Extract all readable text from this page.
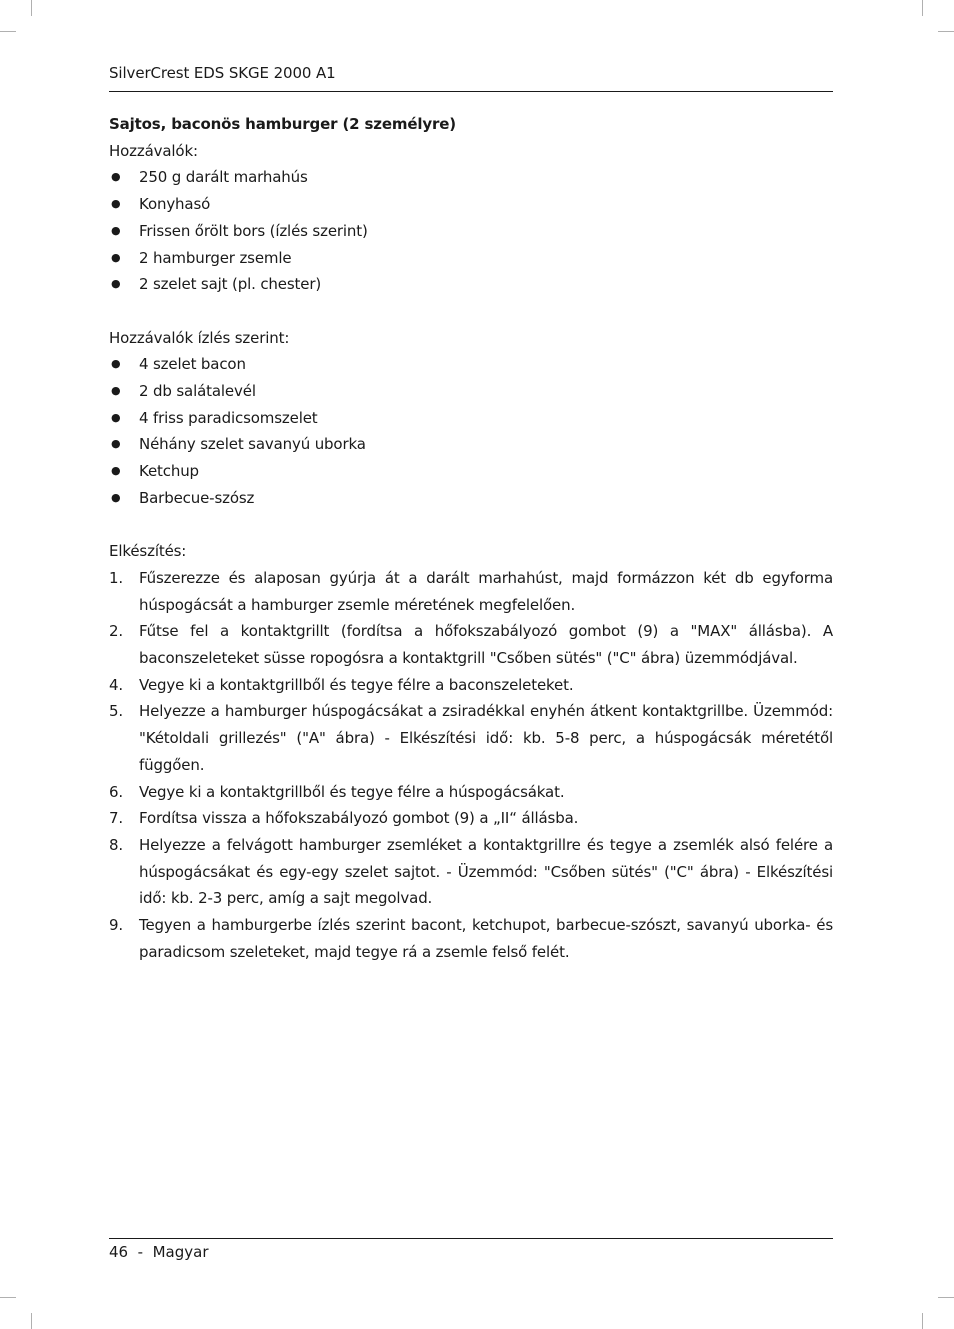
SilverCrest EDS SKGE 2000 A1

Sajtos, baconös hamburger (2 személyre)

Hozzávalók:

● 250 g darált marhahús
● Konyhasó
● Frissen őrölt bors (ízlés szerint)
● 2 hamburger zsemle
● 2 szelet sajt (pl. chester)

Hozzávalók ízlés szerint:

● 4 szelet bacon
● 2 db salátalevél
● 4 friss paradicsomszelet
● Néhány szelet savanyú uborka
● Ketchup
● Barbecue-szósz

Elkészítés:

1. Fűszerezze és alaposan gyúrja át a darált marhahúst, majd formázzon két db egyforma húspogácsát a hamburger zsemle méretének megfelelően.
2. Fűtse fel a kontaktgrillt (fordítsa a hőfokszabályozó gombot (9) a "MAX" állásba). A baconszeleteket süsse ropogósra a kontaktgrill "Csőben sütés" ("C" ábra) üzemmódjával.
4. Vegye ki a kontaktgrillből és tegye félre a baconszeleteket.
5. Helyezze a hamburger húspogácsákat a zsiradékkal enyhén átkent kontaktgrillbe. Üzemmód: "Kétoldali grillezés" ("A" ábra) - Elkészítési idő: kb. 5-8 perc, a húspogácsák méretétől függően.
6. Vegye ki a kontaktgrillből és tegye félre a húspogácsákat.
7. Fordítsa vissza a hőfokszabályozó gombot (9) a „II“ állásba.
8. Helyezze a felvágott hamburger zsemléket a kontaktgrillre és tegye a zsemlék alsó felére a húspogácsákat és egy-egy szelet sajtot. - Üzemmód: "Csőben sütés" ("C" ábra) - Elkészítési idő: kb. 2-3 perc, amíg a sajt megolvad.
9. Tegyen a hamburgerbe ízlés szerint bacont, ketchupot, barbecue-szószt, savanyú uborka- és paradicsom szeleteket, majd tegye rá a zsemle felső felét.
46 - Magyar
